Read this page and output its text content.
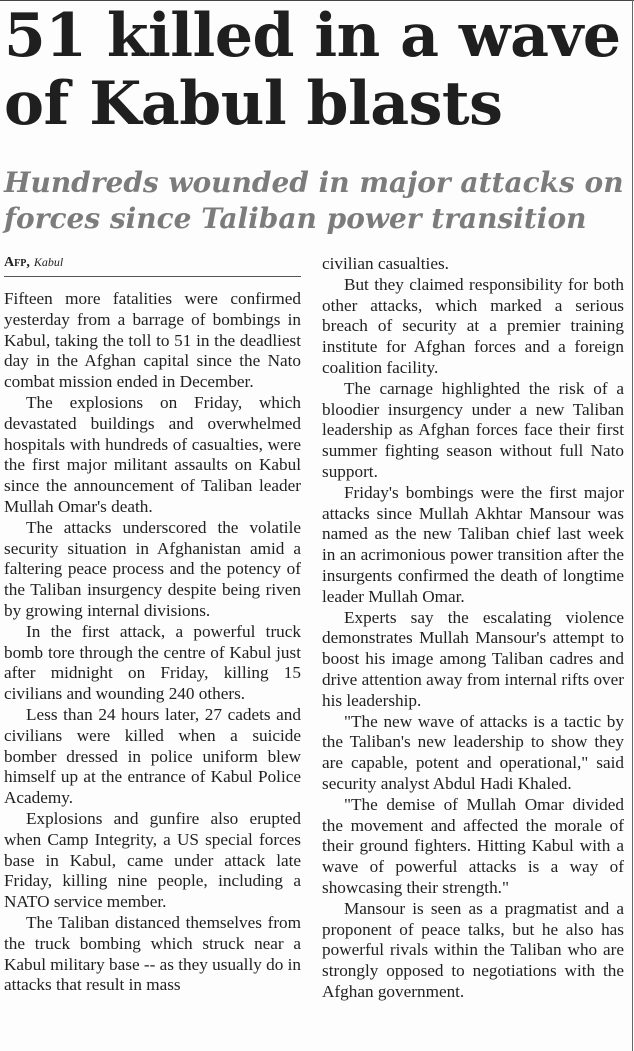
51 killed in a wave of Kabul blasts
Hundreds wounded in major attacks on forces since Taliban power transition
Afp, Kabul

Fifteen more fatalities were confirmed yesterday from a barrage of bombings in Kabul, taking the toll to 51 in the deadliest day in the Afghan capital since the Nato combat mission ended in December.

The explosions on Friday, which devastated buildings and overwhelmed hospitals with hundreds of casualties, were the first major militant assaults on Kabul since the announcement of Taliban leader Mullah Omar's death.

The attacks underscored the volatile security situation in Afghanistan amid a faltering peace process and the potency of the Taliban insurgency despite being riven by growing internal divisions.

In the first attack, a powerful truck bomb tore through the centre of Kabul just after midnight on Friday, killing 15 civilians and wounding 240 others.

Less than 24 hours later, 27 cadets and civilians were killed when a suicide bomber dressed in police uniform blew himself up at the entrance of Kabul Police Academy.

Explosions and gunfire also erupted when Camp Integrity, a US special forces base in Kabul, came under attack late Friday, killing nine people, including a NATO service member.

The Taliban distanced themselves from the truck bombing which struck near a Kabul military base -- as they usually do in attacks that result in mass

civilian casualties.

But they claimed responsibility for both other attacks, which marked a serious breach of security at a premier training institute for Afghan forces and a foreign coalition facility.

The carnage highlighted the risk of a bloodier insurgency under a new Taliban leadership as Afghan forces face their first summer fighting season without full Nato support.

Friday's bombings were the first major attacks since Mullah Akhtar Mansour was named as the new Taliban chief last week in an acrimonious power transition after the insurgents confirmed the death of longtime leader Mullah Omar.

Experts say the escalating violence demonstrates Mullah Mansour's attempt to boost his image among Taliban cadres and drive attention away from internal rifts over his leadership.

"The new wave of attacks is a tactic by the Taliban's new leadership to show they are capable, potent and operational," said security analyst Abdul Hadi Khaled.

"The demise of Mullah Omar divided the movement and affected the morale of their ground fighters. Hitting Kabul with a wave of powerful attacks is a way of showcasing their strength."

Mansour is seen as a pragmatist and a proponent of peace talks, but he also has powerful rivals within the Taliban who are strongly opposed to negotiations with the Afghan government.
